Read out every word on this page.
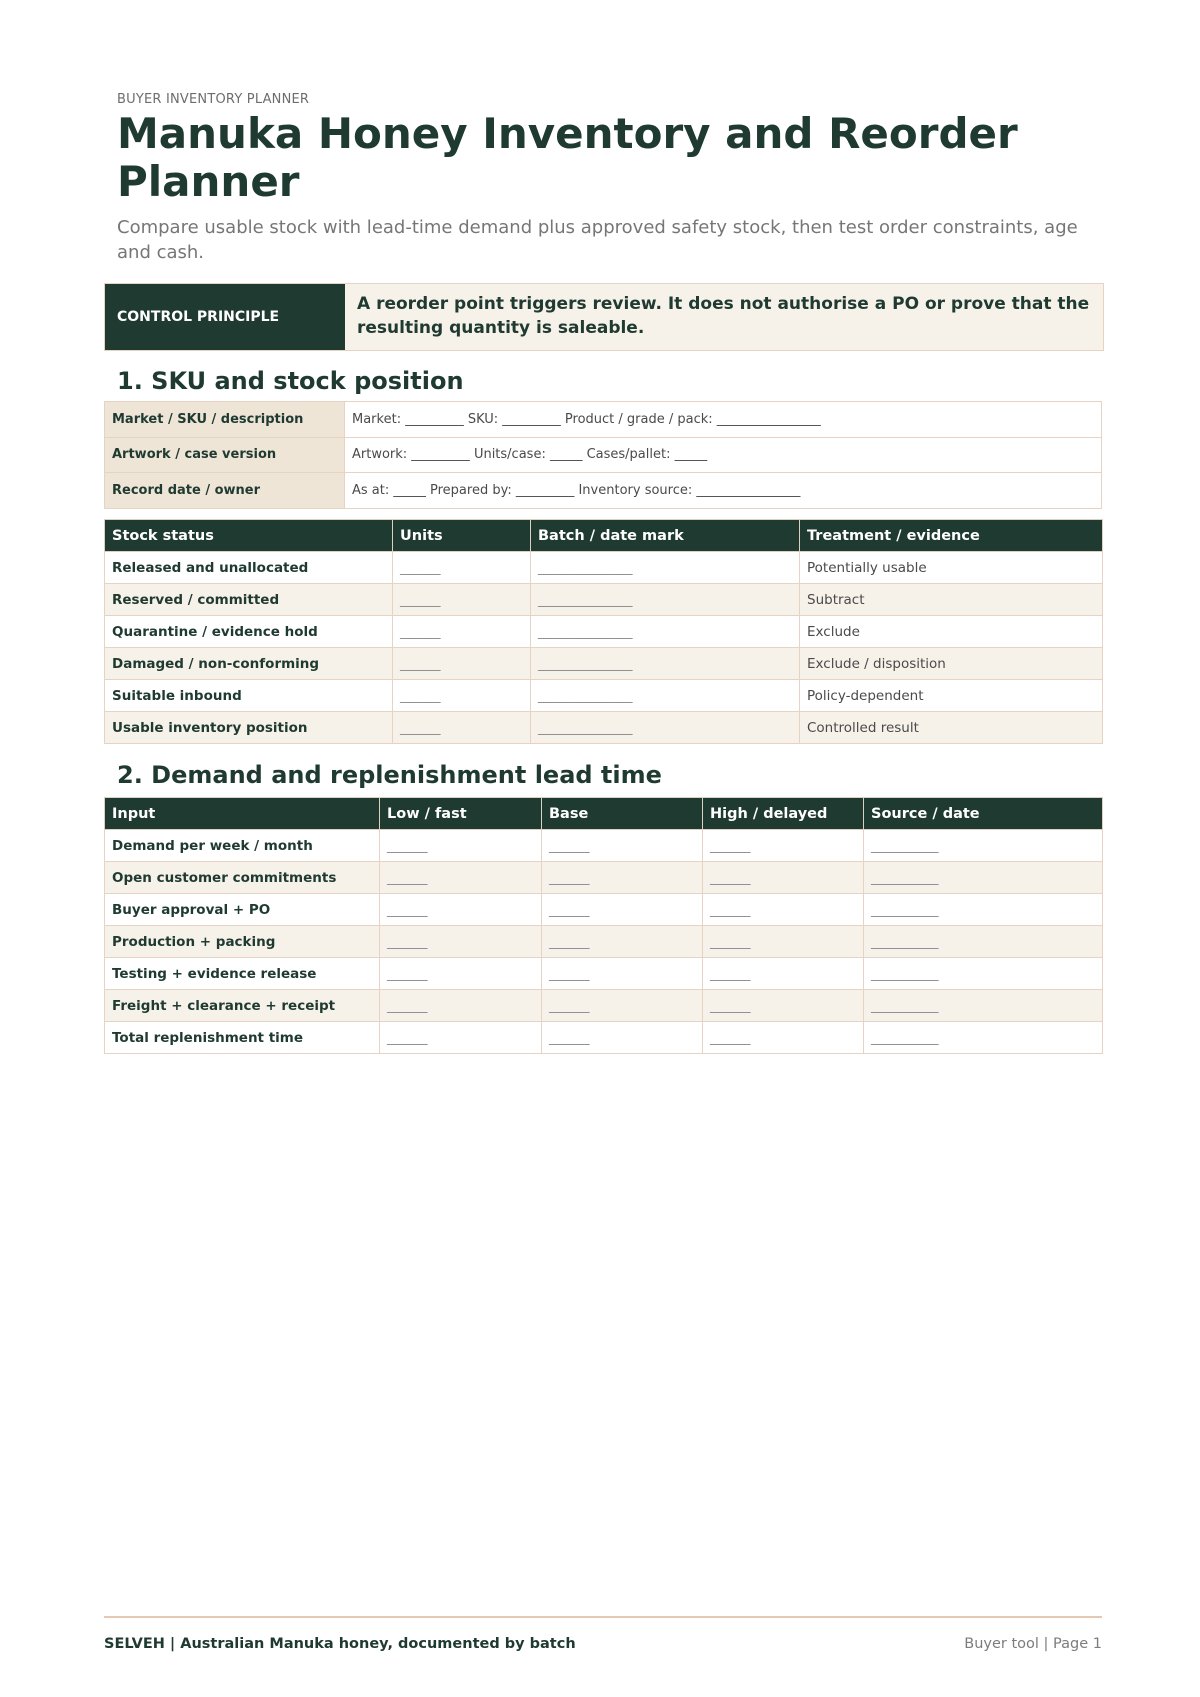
BUYER INVENTORY PLANNER
Manuka Honey Inventory and Reorder Planner
Compare usable stock with lead-time demand plus approved safety stock, then test order constraints, age and cash.
CONTROL PRINCIPLE
A reorder point triggers review. It does not authorise a PO or prove that the resulting quantity is saleable.
1. SKU and stock position
Market / SKU / description	Market: _________ SKU: _________ Product / grade / pack: ________________
Artwork / case version	Artwork: _________ Units/case: _____ Cases/pallet: _____
Record date / owner	As at: _____ Prepared by: _________ Inventory source: ________________
Stock status	Units	Batch / date mark	Treatment / evidence
Released and unallocated	______	______________	Potentially usable
Reserved / committed	______	______________	Subtract
Quarantine / evidence hold	______	______________	Exclude
Damaged / non-conforming	______	______________	Exclude / disposition
Suitable inbound	______	______________	Policy-dependent
Usable inventory position	______	______________	Controlled result
2. Demand and replenishment lead time
Input	Low / fast	Base	High / delayed	Source / date
Demand per week / month	______	______	______	__________
Open customer commitments	______	______	______	__________
Buyer approval + PO	______	______	______	__________
Production + packing	______	______	______	__________
Testing + evidence release	______	______	______	__________
Freight + clearance + receipt	______	______	______	__________
Total replenishment time	______	______	______	__________
SELVEH | Australian Manuka honey, documented by batch	Buyer tool | Page 1
